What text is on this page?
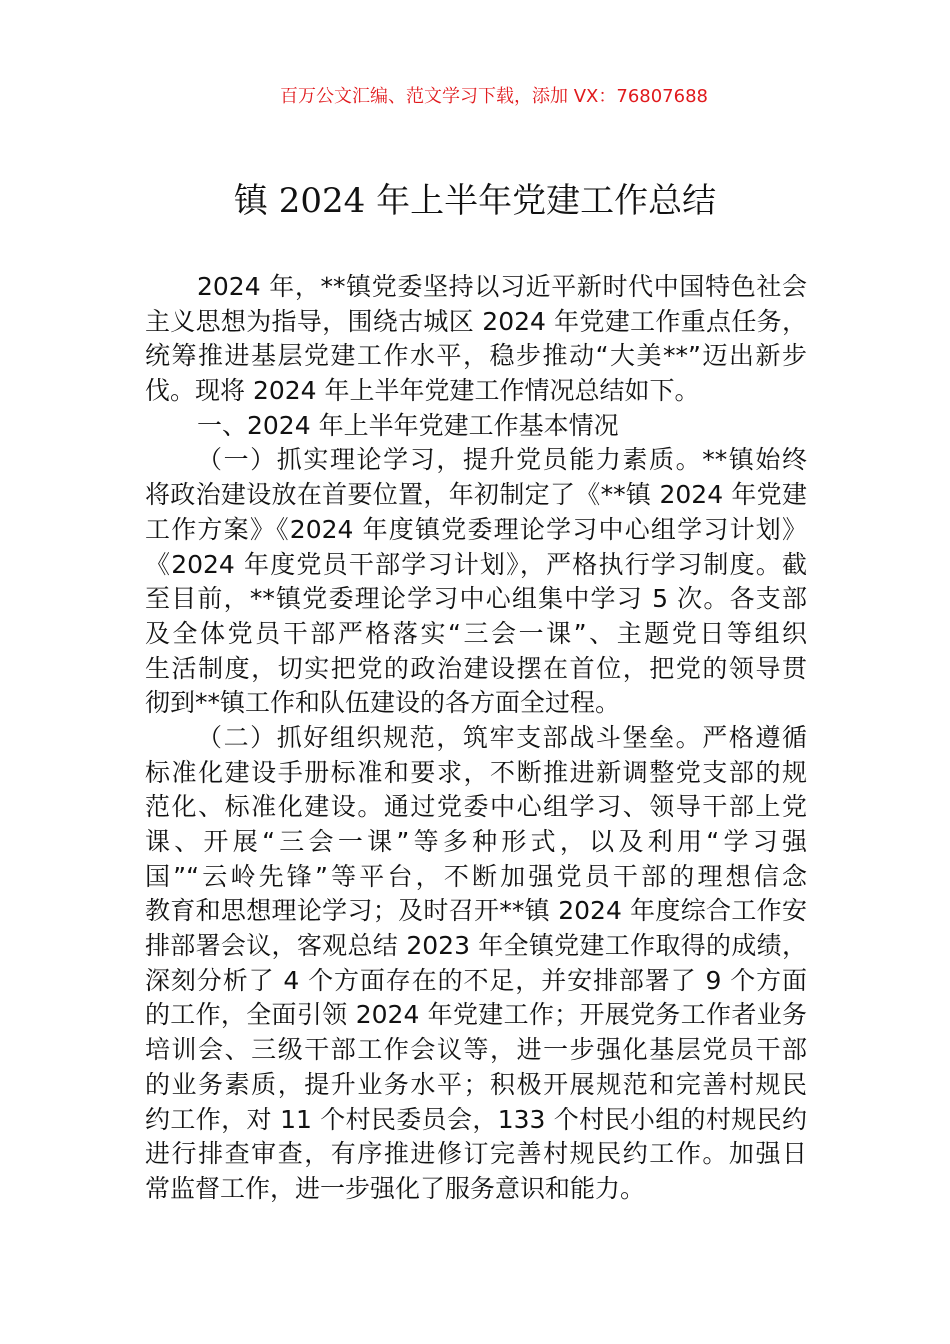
百万公文汇编、范文学习下载，添加 VX：76807688
镇 2024 年上半年党建工作总结
2024 年，**镇党委坚持以习近平新时代中国特色社会
主义思想为指导，围绕古城区 2024 年党建工作重点任务，
统筹推进基层党建工作水平，稳步推动“大美**”迈出新步
伐。现将 2024 年上半年党建工作情况总结如下。
一、2024 年上半年党建工作基本情况
（一）抓实理论学习，提升党员能力素质。**镇始终
将政治建设放在首要位置，年初制定了《**镇 2024 年党建
工作方案》《2024 年度镇党委理论学习中心组学习计划》
《2024 年度党员干部学习计划》，严格执行学习制度。截
至目前，**镇党委理论学习中心组集中学习 5 次。各支部
及全体党员干部严格落实“三会一课”、主题党日等组织
生活制度，切实把党的政治建设摆在首位，把党的领导贯
彻到**镇工作和队伍建设的各方面全过程。
（二）抓好组织规范，筑牢支部战斗堡垒。严格遵循
标准化建设手册标准和要求，不断推进新调整党支部的规
范化、标准化建设。通过党委中心组学习、领导干部上党
课、开展“三会一课”等多种形式，以及利用“学习强
国”“云岭先锋”等平台，不断加强党员干部的理想信念
教育和思想理论学习；及时召开**镇 2024 年度综合工作安
排部署会议，客观总结 2023 年全镇党建工作取得的成绩，
深刻分析了 4 个方面存在的不足，并安排部署了 9 个方面
的工作，全面引领 2024 年党建工作；开展党务工作者业务
培训会、三级干部工作会议等，进一步强化基层党员干部
的业务素质，提升业务水平；积极开展规范和完善村规民
约工作，对 11 个村民委员会，133 个村民小组的村规民约
进行排查审查，有序推进修订完善村规民约工作。加强日
常监督工作，进一步强化了服务意识和能力。
